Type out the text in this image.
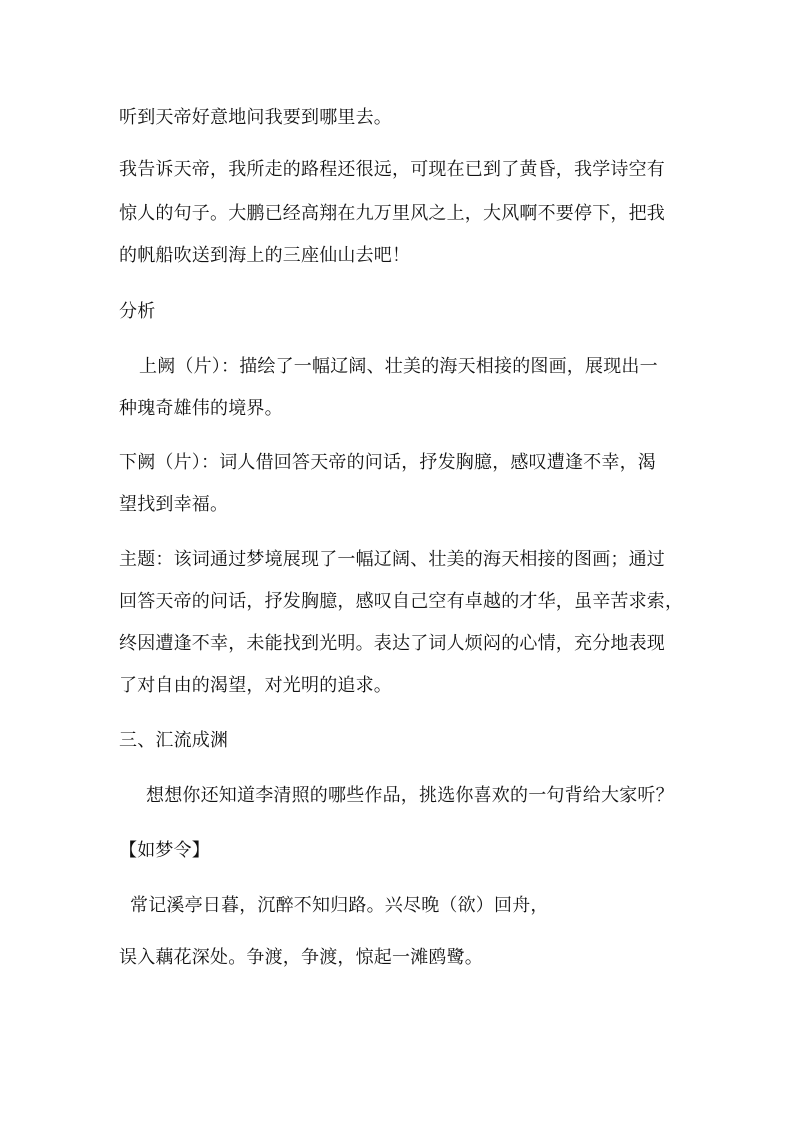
听到天帝好意地问我要到哪里去。
我告诉天帝，我所走的路程还很远，可现在已到了黄昏，我学诗空有
惊人的句子。大鹏已经高翔在九万里风之上，大风啊不要停下，把我
的帆船吹送到海上的三座仙山去吧！
分析
上阙（片）：描绘了一幅辽阔、壮美的海天相接的图画，展现出一
种瑰奇雄伟的境界。
下阙（片）：词人借回答天帝的问话，抒发胸臆，感叹遭逢不幸，渴
望找到幸福。
主题：该词通过梦境展现了一幅辽阔、壮美的海天相接的图画；通过
回答天帝的问话，抒发胸臆，感叹自己空有卓越的才华，虽辛苦求索，
终因遭逢不幸，未能找到光明。表达了词人烦闷的心情，充分地表现
了对自由的渴望，对光明的追求。
三、汇流成渊
想想你还知道李清照的哪些作品，挑选你喜欢的一句背给大家听？
【如梦令】
常记溪亭日暮，沉醉不知归路。兴尽晚（欲）回舟，
误入藕花深处。争渡，争渡，惊起一滩鸥鹭。
